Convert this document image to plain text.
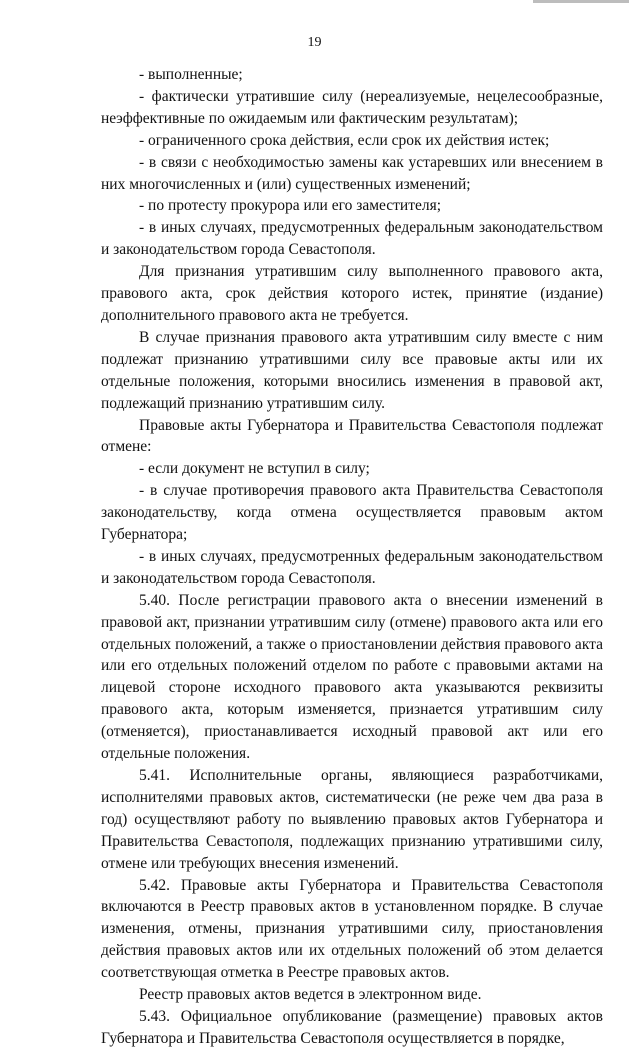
19

- выполненные;

- фактически утратившие силу (нереализуемые, нецелесообразные, неэффективные по ожидаемым или фактическим результатам);

- ограниченного срока действия, если срок их действия истек;

- в связи с необходимостью замены как устаревших или внесением в них многочисленных и (или) существенных изменений;

- по протесту прокурора или его заместителя;

- в иных случаях, предусмотренных федеральным законодательством и законодательством города Севастополя.

Для признания утратившим силу выполненного правового акта, правового акта, срок действия которого истек, принятие (издание) дополнительного правового акта не требуется.

В случае признания правового акта утратившим силу вместе с ним подлежат признанию утратившими силу все правовые акты или их отдельные положения, которыми вносились изменения в правовой акт, подлежащий признанию утратившим силу.

Правовые акты Губернатора и Правительства Севастополя подлежат отмене:

- если документ не вступил в силу;

- в случае противоречия правового акта Правительства Севастополя законодательству, когда отмена осуществляется правовым актом Губернатора;

- в иных случаях, предусмотренных федеральным законодательством и законодательством города Севастополя.

5.40. После регистрации правового акта о внесении изменений в правовой акт, признании утратившим силу (отмене) правового акта или его отдельных положений, а также о приостановлении действия правового акта или его отдельных положений отделом по работе с правовыми актами на лицевой стороне исходного правового акта указываются реквизиты правового акта, которым изменяется, признается утратившим силу (отменяется), приостанавливается исходный правовой акт или его отдельные положения.

5.41. Исполнительные органы, являющиеся разработчиками, исполнителями правовых актов, систематически (не реже чем два раза в год) осуществляют работу по выявлению правовых актов Губернатора и Правительства Севастополя, подлежащих признанию утратившими силу, отмене или требующих внесения изменений.

5.42. Правовые акты Губернатора и Правительства Севастополя включаются в Реестр правовых актов в установленном порядке. В случае изменения, отмены, признания утратившими силу, приостановления действия правовых актов или их отдельных положений об этом делается соответствующая отметка в Реестре правовых актов.

Реестр правовых актов ведется в электронном виде.

5.43. Официальное опубликование (размещение) правовых актов Губернатора и Правительства Севастополя осуществляется в порядке,
